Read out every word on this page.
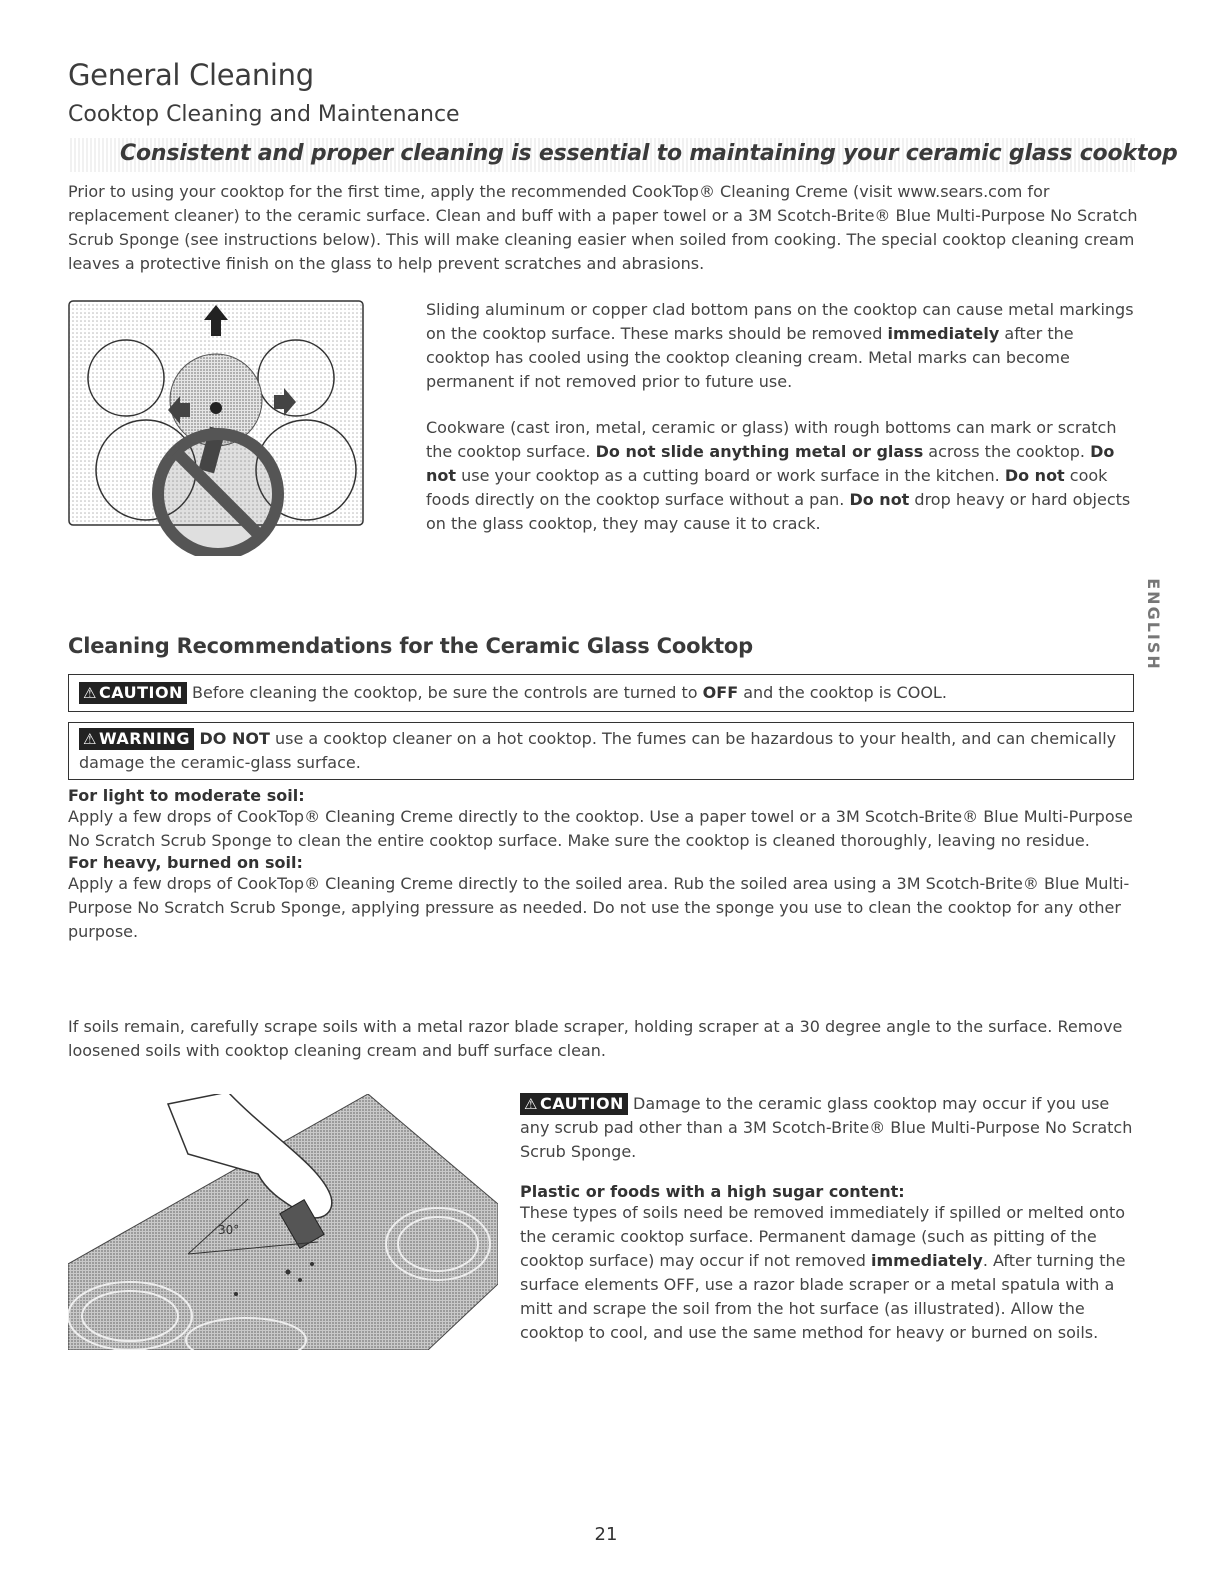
General Cleaning
Cooktop Cleaning and Maintenance
Consistent and proper cleaning is essential to maintaining your ceramic glass cooktop

Prior to using your cooktop for the first time, apply the recommended CookTop® Cleaning Creme (visit www.sears.com for replacement cleaner) to the ceramic surface. Clean and buff with a paper towel or a 3M Scotch-Brite® Blue Multi-Purpose No Scratch Scrub Sponge (see instructions below). This will make cleaning easier when soiled from cooking. The special cooktop cleaning cream leaves a protective finish on the glass to help prevent scratches and abrasions.

Sliding aluminum or copper clad bottom pans on the cooktop can cause metal markings on the cooktop surface. These marks should be removed immediately after the cooktop has cooled using the cooktop cleaning cream. Metal marks can become permanent if not removed prior to future use.

Cookware (cast iron, metal, ceramic or glass) with rough bottoms can mark or scratch the cooktop surface. Do not slide anything metal or glass across the cooktop. Do not use your cooktop as a cutting board or work surface in the kitchen. Do not cook foods directly on the cooktop surface without a pan. Do not drop heavy or hard objects on the glass cooktop, they may cause it to crack.

ENGLISH
Cleaning Recommendations for the Ceramic Glass Cooktop

⚠ CAUTION Before cleaning the cooktop, be sure the controls are turned to OFF and the cooktop is COOL.

⚠ WARNING DO NOT use a cooktop cleaner on a hot cooktop. The fumes can be hazardous to your health, and can chemically damage the ceramic-glass surface.

For light to moderate soil:

Apply a few drops of CookTop® Cleaning Creme directly to the cooktop. Use a paper towel or a 3M Scotch-Brite® Blue Multi-Purpose No Scratch Scrub Sponge to clean the entire cooktop surface. Make sure the cooktop is cleaned thoroughly, leaving no residue.

For heavy, burned on soil:

Apply a few drops of CookTop® Cleaning Creme directly to the soiled area. Rub the soiled area using a 3M Scotch-Brite® Blue Multi-Purpose No Scratch Scrub Sponge, applying pressure as needed. Do not use the sponge you use to clean the cooktop for any other purpose.

If soils remain, carefully scrape soils with a metal razor blade scraper, holding scraper at a 30 degree angle to the surface. Remove loosened soils with cooktop cleaning cream and buff surface clean.

30°

⚠ CAUTION Damage to the ceramic glass cooktop may occur if you use any scrub pad other than a 3M Scotch-Brite® Blue Multi-Purpose No Scratch Scrub Sponge.

Plastic or foods with a high sugar content:

These types of soils need be removed immediately if spilled or melted onto the ceramic cooktop surface. Permanent damage (such as pitting of the cooktop surface) may occur if not removed immediately. After turning the surface elements OFF, use a razor blade scraper or a metal spatula with a mitt and scrape the soil from the hot surface (as illustrated). Allow the cooktop to cool, and use the same method for heavy or burned on soils.

21
